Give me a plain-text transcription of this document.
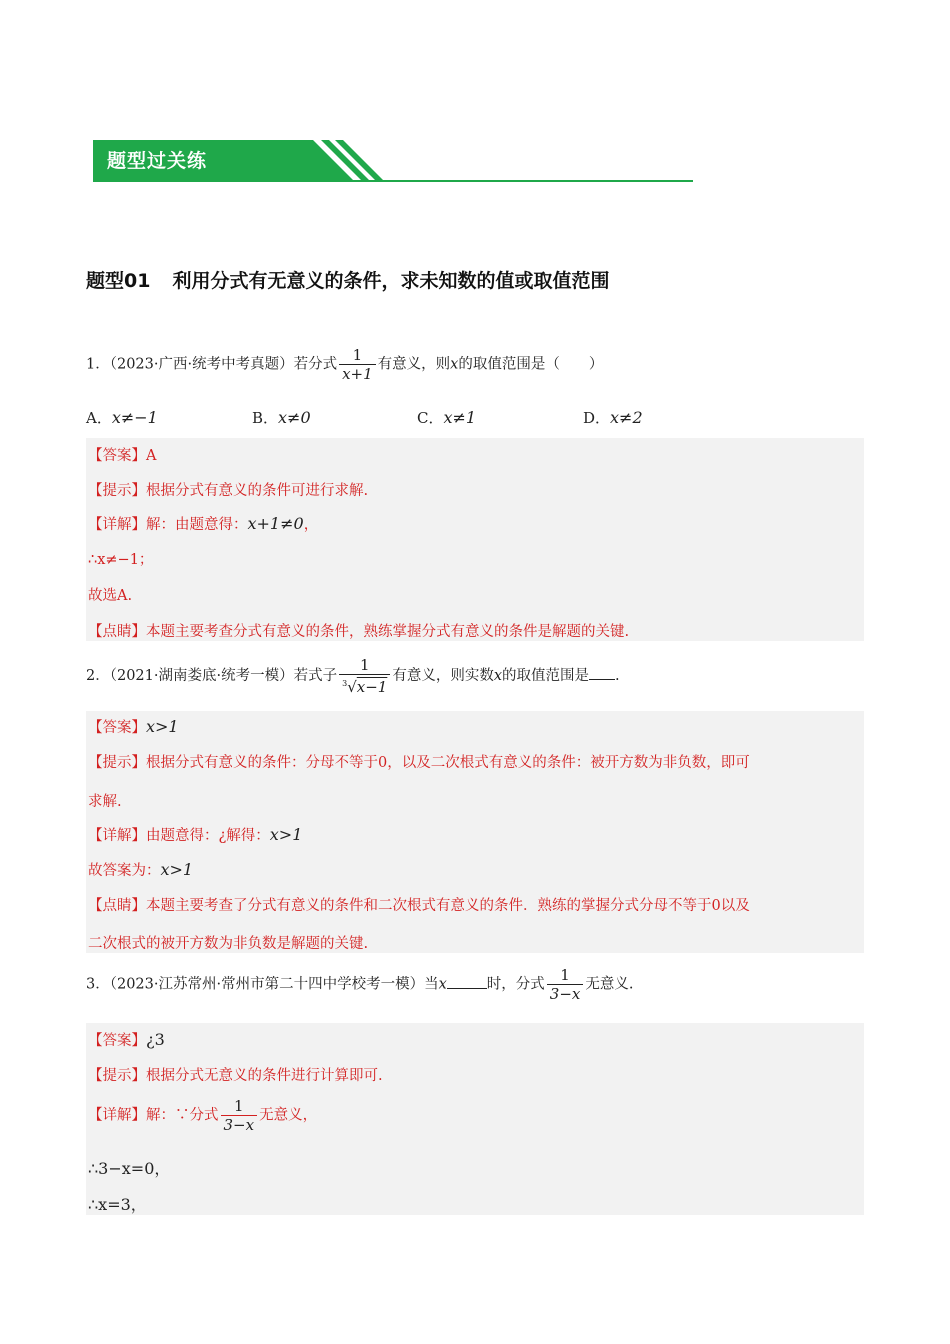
题型过关练
题型01 利用分式有无意义的条件，求未知数的值或取值范围
1．（2023·广西·统考中考真题）若分式 $\frac{1}{x+1}$ 有意义，则x的取值范围是（　　）
A．x≠−1	B．x≠0	C．x≠1	D．x≠2
【答案】A
【提示】根据分式有意义的条件可进行求解.
【详解】解：由题意得：x+1≠0，
∴x≠−1；
故选A.
【点睛】本题主要考查分式有意义的条件，熟练掌握分式有意义的条件是解题的关键.
2．（2021·湖南娄底·统考一模）若式子 $\frac{1}{^3√x-1}$ 有意义，则实数x的取值范围是 .
【答案】x>1
【提示】根据分式有意义的条件：分母不等于0，以及二次根式有意义的条件：被开方数为非负数，即可
求解.
【详解】由题意得：¿解得：x>1
故答案为：x>1
【点睛】本题主要考查了分式有意义的条件和二次根式有意义的条件．熟练的掌握分式分母不等于0以及
二次根式的被开方数为非负数是解题的关键.
3．（2023·江苏常州·常州市第二十四中学校考一模）当x	时，分式 $\frac{1}{3-x}$ 无意义.
【答案】¿3
【提示】根据分式无意义的条件进行计算即可.
【详解】解：∵分式 $\frac{1}{3-x}$ 无意义，
∴3−x=0，
∴x=3，
